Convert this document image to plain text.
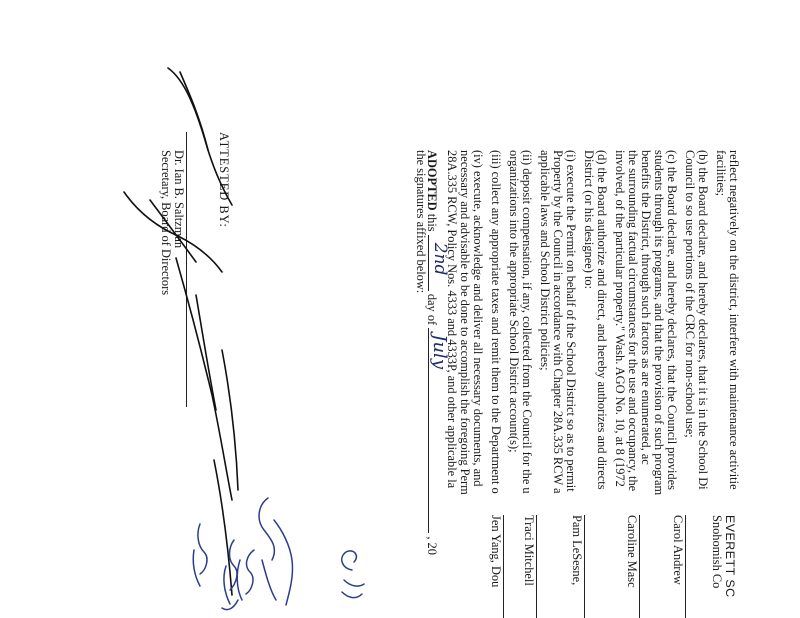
reflect negatively on the district, interfere with maintenance activitie
facilities;
(b) the Board declare, and hereby declares, that it is in the School Di
Council to so use portions of the CRC for non-school use;
(c) the Board declare, and hereby declares, that the Council provides
students through its programs, and that the provision of such program
benefits the District, through such factors as are enumerated, ac
the surrounding factual circumstances for the use and occupancy, the
involved, of the particular property." Wash. AGO No. 10, at 8 (1972
(d) the Board authorize and direct, and hereby authorizes and directs
District (or his designee) to:
(i) execute the Permit on behalf of the School District so as to permit
Property by the Council in accordance with Chapter 28A.335 RCW a
applicable laws and School District policies;
(ii) deposit compensation, if any, collected from the Council for the u
organizations into the appropriate School District account(s);
(iii) collect any appropriate taxes and remit them to the Department o
(iv) execute, acknowledge and deliver all necessary documents, and
necessary and advisable to be done to accomplish the foregoing Perm
28A.335 RCW, Policy Nos. 4333 and 4333P, and other applicable la
ADOPTED this
2nd
day of
July
, 20
the signatures affixed below:
EVERETT SC
Snohomish Co
Carol Andrew
Caroline Masc
Pam LeSesne,
Traci Mitchell
Jen Yang, Dou
ATTESTED BY:
Dr. Ian B. Saltzman
Secretary, Board of Directors
